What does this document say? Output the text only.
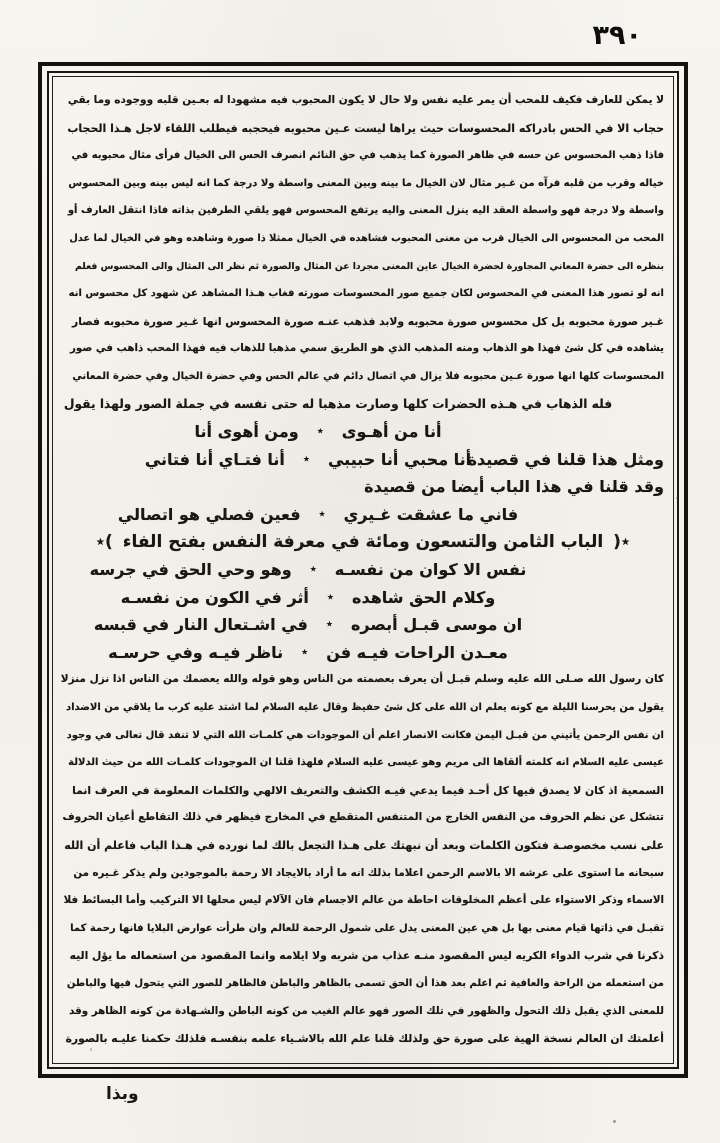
٣٩٠
لا يمكن للعارف فكيف للمحب أن يمر عليه نفس ولا حال لا يكون المحبوب فيه مشهودا له بعـين قلبه ووجوده وما بقي
حجاب الا في الحس بادراكه المحسوسات حيث يراها ليست عـين محبوبه فيحجبه فيطلب اللقاء لاجل هـذا الحجاب
فاذا ذهب المحسوس عن حسه في ظاهر الصورة كما يذهب في حق النائم انصرف الحس الى الخيال فرأى مثال محبوبه في
خياله وقرب من قلبه فرآه من غـير مثال لان الخيال ما بينه وبين المعنى واسطة ولا درجة كما انه ليس بينه وبين المحسوس
واسطة ولا درجة فهو واسطة العقد اليه ينزل المعنى واليه يرتفع المحسوس فهو يلقي الطرفين بذاته فاذا انتقل العارف أو
المحب من المحسوس الى الخيال قرب من معنى المحبوب فشاهده في الخيال ممثلا ذا صورة وشاهده وهو في الخيال لما عدل
بنظره الى حضرة المعاني المجاورة لحضرة الخيال عاين المعنى مجردا عن المثال والصورة ثم نظر الى المثال والى المحسوس فعلم
انه لو تصور هذا المعنى في المحسوس لكان جميع صور المحسوسات صورته فغاب هـذا المشاهد عن شهود كل محسوس انه
غـير صورة محبوبه بل كل محسوس صورة محبوبه ولابد فذهب عنـه صورة المحسوس انها غـير صورة محبوبه فصار
يشاهده في كل شئ فهذا هو الذهاب ومنه المذهب الذي هو الطريق سمي مذهبا للذهاب فيه فهذا المحب ذاهب في صور
المحسوسات كلها انها صورة عـين محبوبه فلا يزال في اتصال دائم في عالم الحس وفي حضرة الخيال وفي حضرة المعاني
فله الذهاب في هـذه الحضرات كلها وصارت مذهبا له حتى نفسه في جملة الصور ولهذا يقول
أنا من أهـوى
٭
ومن أهوى أنا
ومثل هذا قلنا في قصيدة
أنا محبي أنا حبيبي
٭
أنا فتـاي أنا فتاني
وقد قلنا في هذا الباب أيضا من قصيدة
فاني ما عشقت غـيري
٭
فعين فصلي هو اتصالي
٭( الباب الثامن والتسعون ومائة في معرفة النفس بفتح الفاء )٭
نفس الا كوان من نفسـه
٭
وهو وحي الحق في جرسه
وكلام الحق شاهده
٭
أثر في الكون من نفسـه
ان موسى قبـل أبصره
٭
في اشـتعال النار في قبسه
معـدن الراحات فيـه فن
٭
ناظر فيـه وفي حرسـه
كان رسول الله صـلى الله عليه وسلم قبـل أن يعرف بعصمته من الناس وهو قوله والله يعصمك من الناس اذا نزل منزلا
يقول من يحرسنا الليلة مع كونه يعلم ان الله على كل شئ حفيظ وقال عليه السلام لما اشتد عليه كرب ما يلاقي من الاضداد
ان نفس الرحمن يأتيني من قبـل اليمن فكانت الانصار اعلم أن الموجودات هي كلمـات الله التي لا تنفد قال تعالى في وجود
عيسى عليه السلام انه كلمته ألقاها الى مريم وهو عيسى عليه السلام فلهذا قلنا ان الموجودات كلمـات الله من حيث الدلالة
السمعية اذ كان لا يصدق فيها كل أحـد فيما يدعي فيـه الكشف والتعريف الالهي والكلمات المعلومة في العرف انما
تتشكل عن نظم الحروف من النفس الخارج من المتنفس المتقطع في المخارج فيظهر في ذلك التقاطع أعيان الحروف
على نسب مخصوصـة فتكون الكلمات وبعد أن نبهتك على هـذا التجعل بالك لما نورده في هـذا الباب فاعلم أن الله
سبحانه ما استوى على عرشه الا بالاسم الرحمن اعلاما بذلك انه ما أراد بالايجاد الا رحمة بالموجودين ولم يذكر غـيره من
الاسماء وذكر الاستواء على أعظم المخلوقات احاطة من عالم الاجسام فان الآلام ليس محلها الا التركيب وأما البسائط فلا
تقبـل في ذاتها قيام معنى بها بل هي عين المعنى يدل على شمول الرحمة للعالم وان طرأت عوارض البلايا فانها رحمة كما
ذكرنا في شرب الدواء الكريه ليس المقصود منـه عذاب من شربه ولا ايلامه وانما المقصود من استعماله ما يؤل اليه
من استعمله من الراحة والعافية ثم اعلم بعد هذا أن الحق تسمى بالظاهر والباطن فالظاهر للصور التي يتحول فيها والباطن
للمعنى الذي يقبل ذلك التحول والظهور في تلك الصور فهو عالم الغيب من كونه الباطن والشـهادة من كونه الظاهر وقد
أعلمتك ان العالم نسخة الهية على صورة حق ولذلك قلنا علم الله بالاشـياء علمه بنفسـه فلذلك حكمنا عليـه بالصورة
وبذا
